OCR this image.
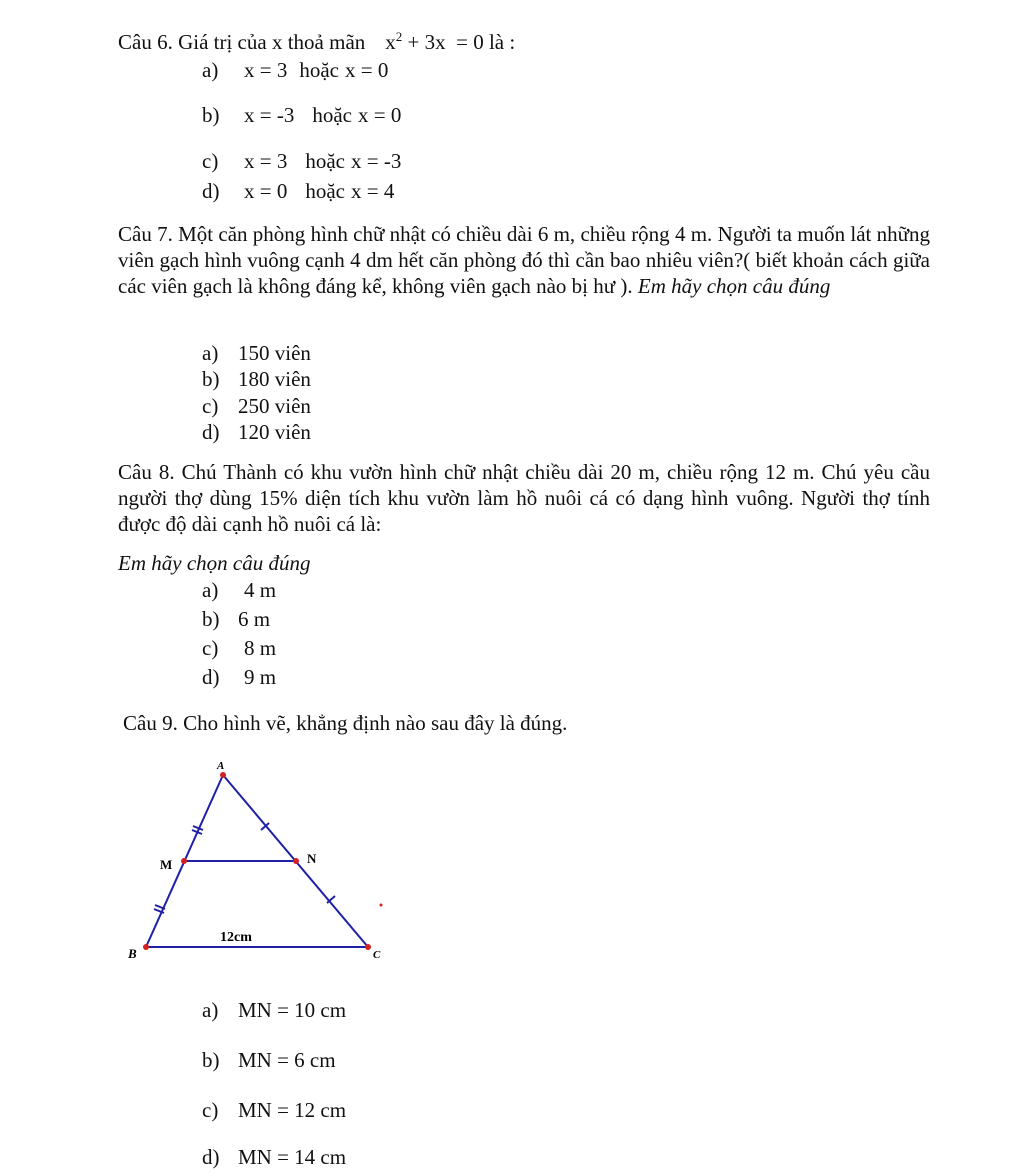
Câu 6. Giá trị của x thoả mãn $x^2 + 3x = 0$ là :
a) x = 3 hoặc x = 0
b) x = -3 hoặc x = 0
c) x = 3 hoặc x = -3
d) x = 0 hoặc x = 4
Câu 7. Một căn phòng hình chữ nhật có chiều dài 6 m, chiều rộng 4 m. Người ta muốn lát những viên gạch hình vuông cạnh 4 dm hết căn phòng đó thì cần bao nhiêu viên?( biết khoản cách giữa các viên gạch là không đáng kể, không viên gạch nào bị hư ). Em hãy chọn câu đúng
a) 150 viên
b) 180 viên
c) 250 viên
d) 120 viên
Câu 8. Chú Thành có khu vườn hình chữ nhật chiều dài 20 m, chiều rộng 12 m. Chú yêu cầu người thợ dùng 15% diện tích khu vườn làm hồ nuôi cá có dạng hình vuông. Người thợ tính được độ dài cạnh hồ nuôi cá là:
Em hãy chọn câu đúng
a) 4 m
b) 6 m
c) 8 m
d) 9 m
Câu 9. Cho hình vẽ, khẳng định nào sau đây là đúng.
A
M	N
B	C
12cm
a) MN = 10 cm
b) MN = 6 cm
c) MN = 12 cm
d) MN = 14 cm
